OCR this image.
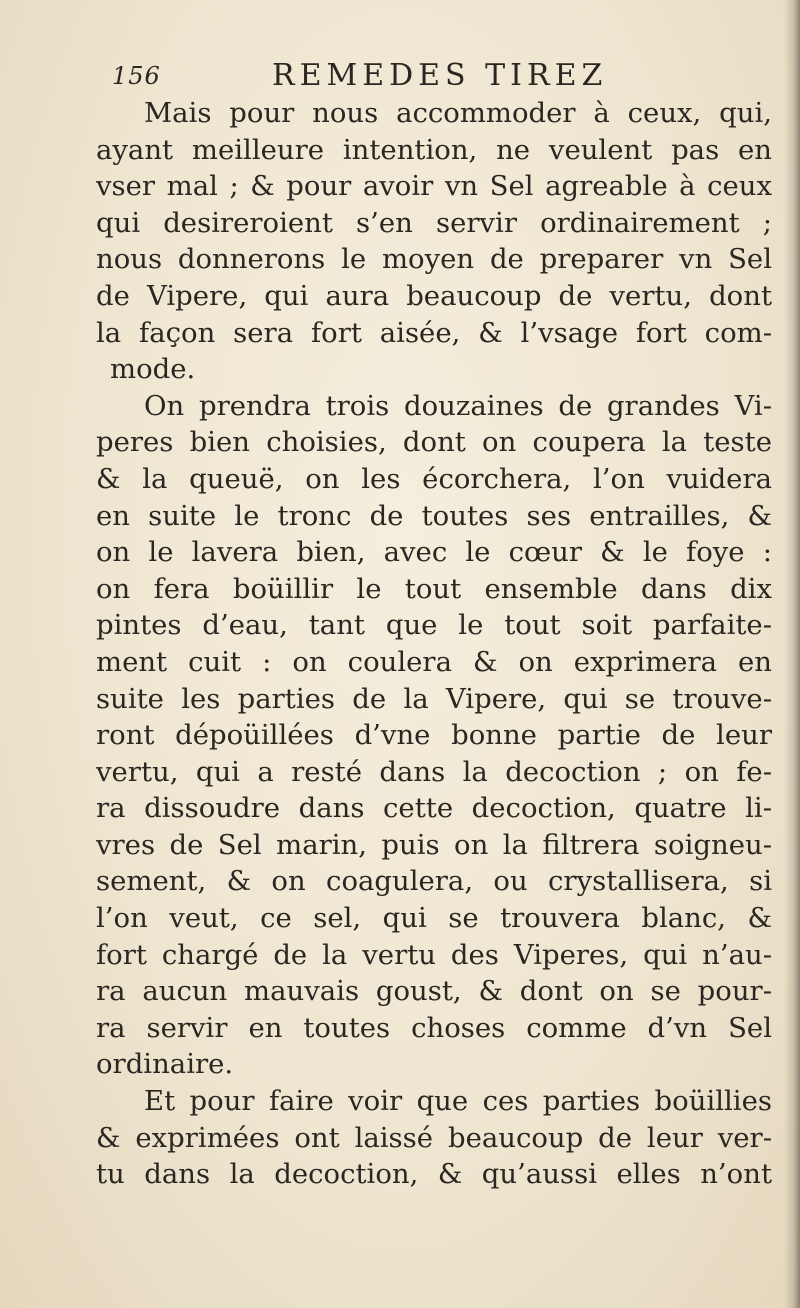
156	REMEDES TIREZ
Mais pour nous accommoder à ceux, qui,
ayant meilleure intention, ne veulent pas en
vser mal ; & pour avoir vn Sel agreable à ceux
qui desireroient s’en servir ordinairement ;
nous donnerons le moyen de preparer vn Sel
de Vipere, qui aura beaucoup de vertu, dont
la façon sera fort aisée, & l’vsage fort com-
mode.
On prendra trois douzaines de grandes Vi-
peres bien choisies, dont on coupera la teste
& la queuë, on les écorchera, l’on vuidera
en suite le tronc de toutes ses entrailles, &
on le lavera bien, avec le cœur & le foye :
on fera boüillir le tout ensemble dans dix
pintes d’eau, tant que le tout soit parfaite-
ment cuit : on coulera & on exprimera en
suite les parties de la Vipere, qui se trouve-
ront dépoüillées d’vne bonne partie de leur
vertu, qui a resté dans la decoction ; on fe-
ra dissoudre dans cette decoction, quatre li-
vres de Sel marin, puis on la filtrera soigneu-
sement, & on coagulera, ou crystallisera, si
l’on veut, ce sel, qui se trouvera blanc, &
fort chargé de la vertu des Viperes, qui n’au-
ra aucun mauvais goust, & dont on se pour-
ra servir en toutes choses comme d’vn Sel
ordinaire.
Et pour faire voir que ces parties boüillies
& exprimées ont laissé beaucoup de leur ver-
tu dans la decoction, & qu’aussi elles n’ont
